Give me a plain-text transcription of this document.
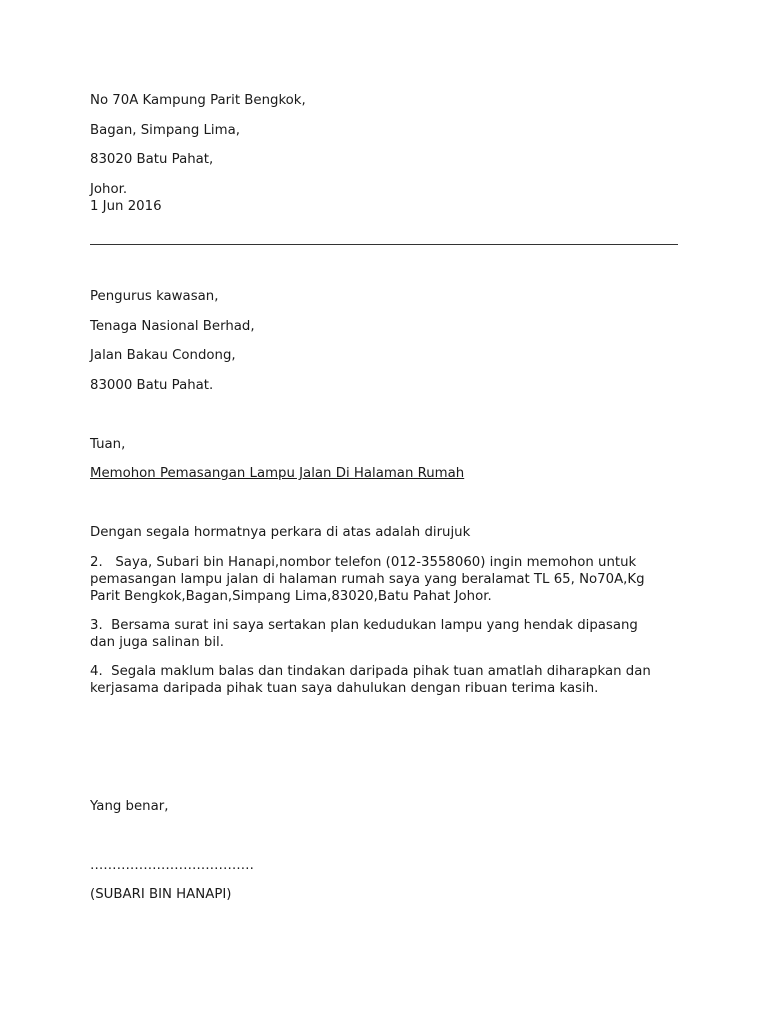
No 70A Kampung Parit Bengkok,
Bagan, Simpang Lima,
83020 Batu Pahat,
Johor.
1 Jun 2016
Pengurus kawasan,
Tenaga Nasional Berhad,
Jalan Bakau Condong,
83000 Batu Pahat.
Tuan,
Memohon Pemasangan Lampu Jalan Di Halaman Rumah
Dengan segala hormatnya perkara di atas adalah dirujuk
2.   Saya, Subari bin Hanapi,nombor telefon (012-3558060) ingin memohon untuk
pemasangan lampu jalan di halaman rumah saya yang beralamat TL 65, No70A,Kg
Parit Bengkok,Bagan,Simpang Lima,83020,Batu Pahat Johor.
3.  Bersama surat ini saya sertakan plan kedudukan lampu yang hendak dipasang
dan juga salinan bil.
4.  Segala maklum balas dan tindakan daripada pihak tuan amatlah diharapkan dan
kerjasama daripada pihak tuan saya dahulukan dengan ribuan terima kasih.
Yang benar,
……………………………….
(SUBARI BIN HANAPI)
